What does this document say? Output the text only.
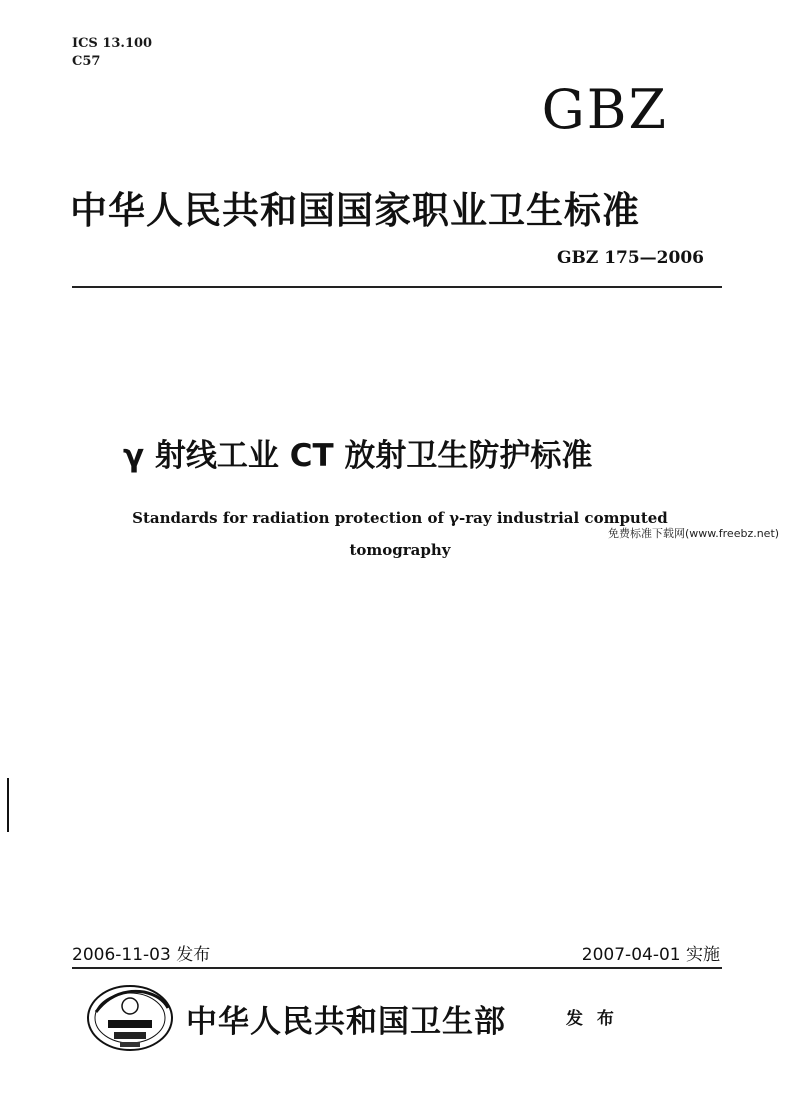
ICS 13.100
C57
GBZ
中华人民共和国国家职业卫生标准
GBZ 175—2006
γ 射线工业 CT 放射卫生防护标准
Standards for radiation protection of γ-ray industrial computed tomography
免费标准下载网(www.freebz.net)
2006-11-03 发布	2007-04-01 实施
中华人民共和国卫生部	发 布
